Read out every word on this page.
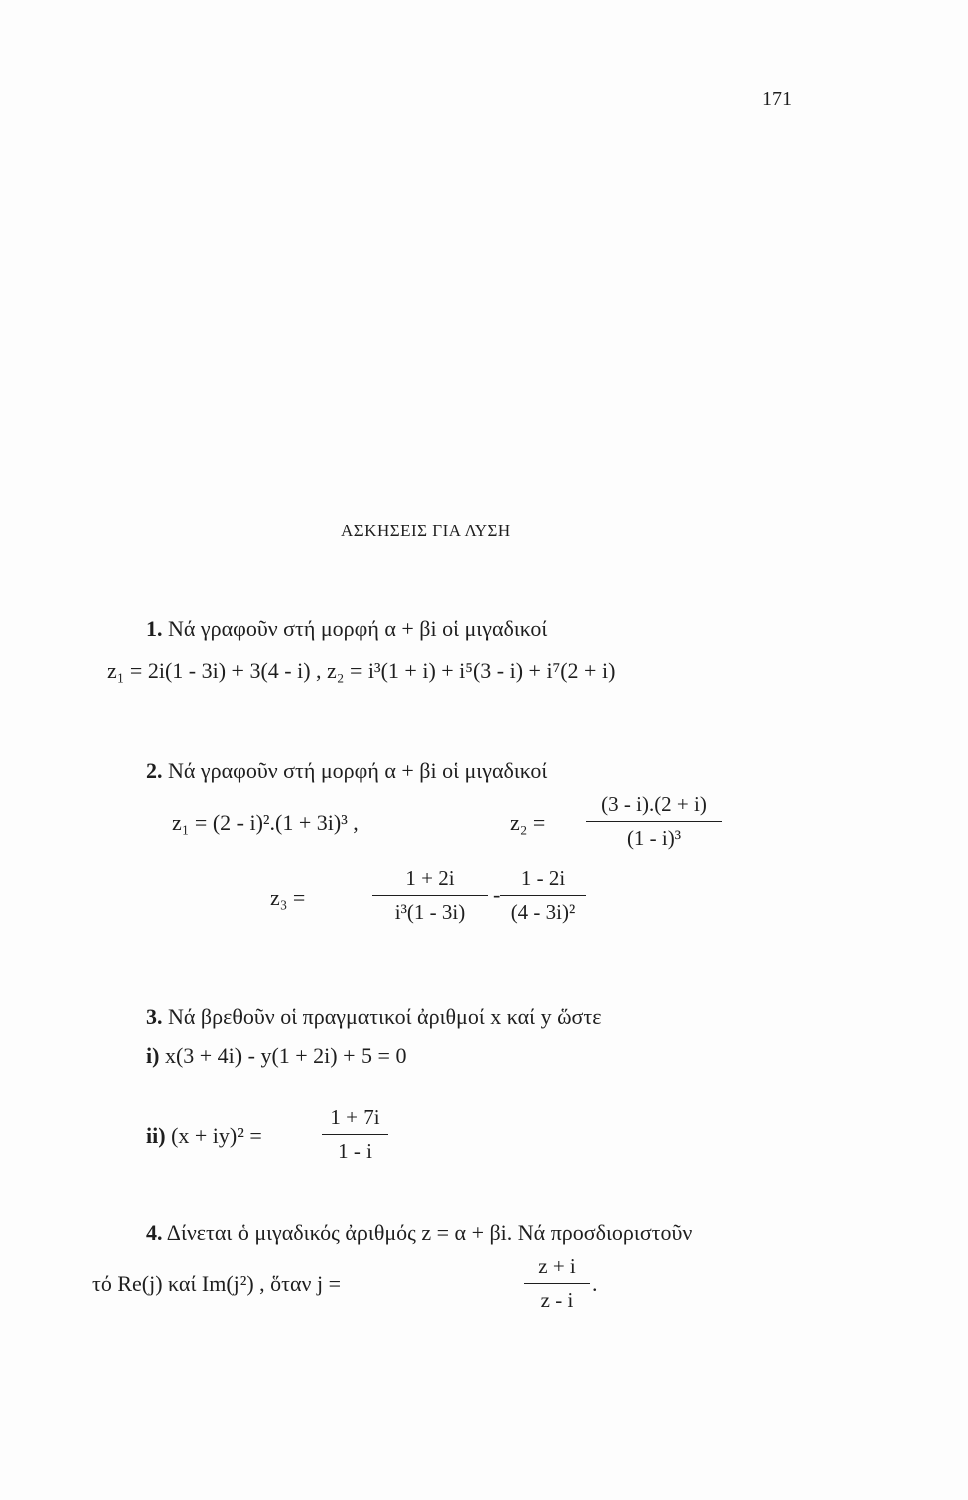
171
ΑΣΚΗΣΕΙΣ ΓΙΑ ΛΥΣΗ
1. Νά γραφοῦν στή μορφή α + βi οἱ μιγαδικοί
z₁ = 2i(1 - 3i) + 3(4 - i) , z₂ = i³(1 + i) + i⁵(3 - i) + i⁷(2 + i)
2. Νά γραφοῦν στή μορφή α + βi οἱ μιγαδικοί
z₁ = (2 - i)².(1 + 3i)³ ,	z₂ =
(3 - i).(2 + i)
(1 - i)³
z₃ =
1 + 2i
i³(1 - 3i)
-
1 - 2i
(4 - 3i)²
3. Νά βρεθοῦν οἱ πραγματικοί ἀριθμοί x καί y ὥστε
i) x(3 + 4i) - y(1 + 2i) + 5 = 0
ii) (x + iy)² =
1 + 7i
1 - i
4. Δίνεται ὁ μιγαδικός ἀριθμός z = α + βi. Νά προσδιοριστοῦν
τό Re(j) καί Im(j²) , ὅταν j =
z + i
z - i
.
